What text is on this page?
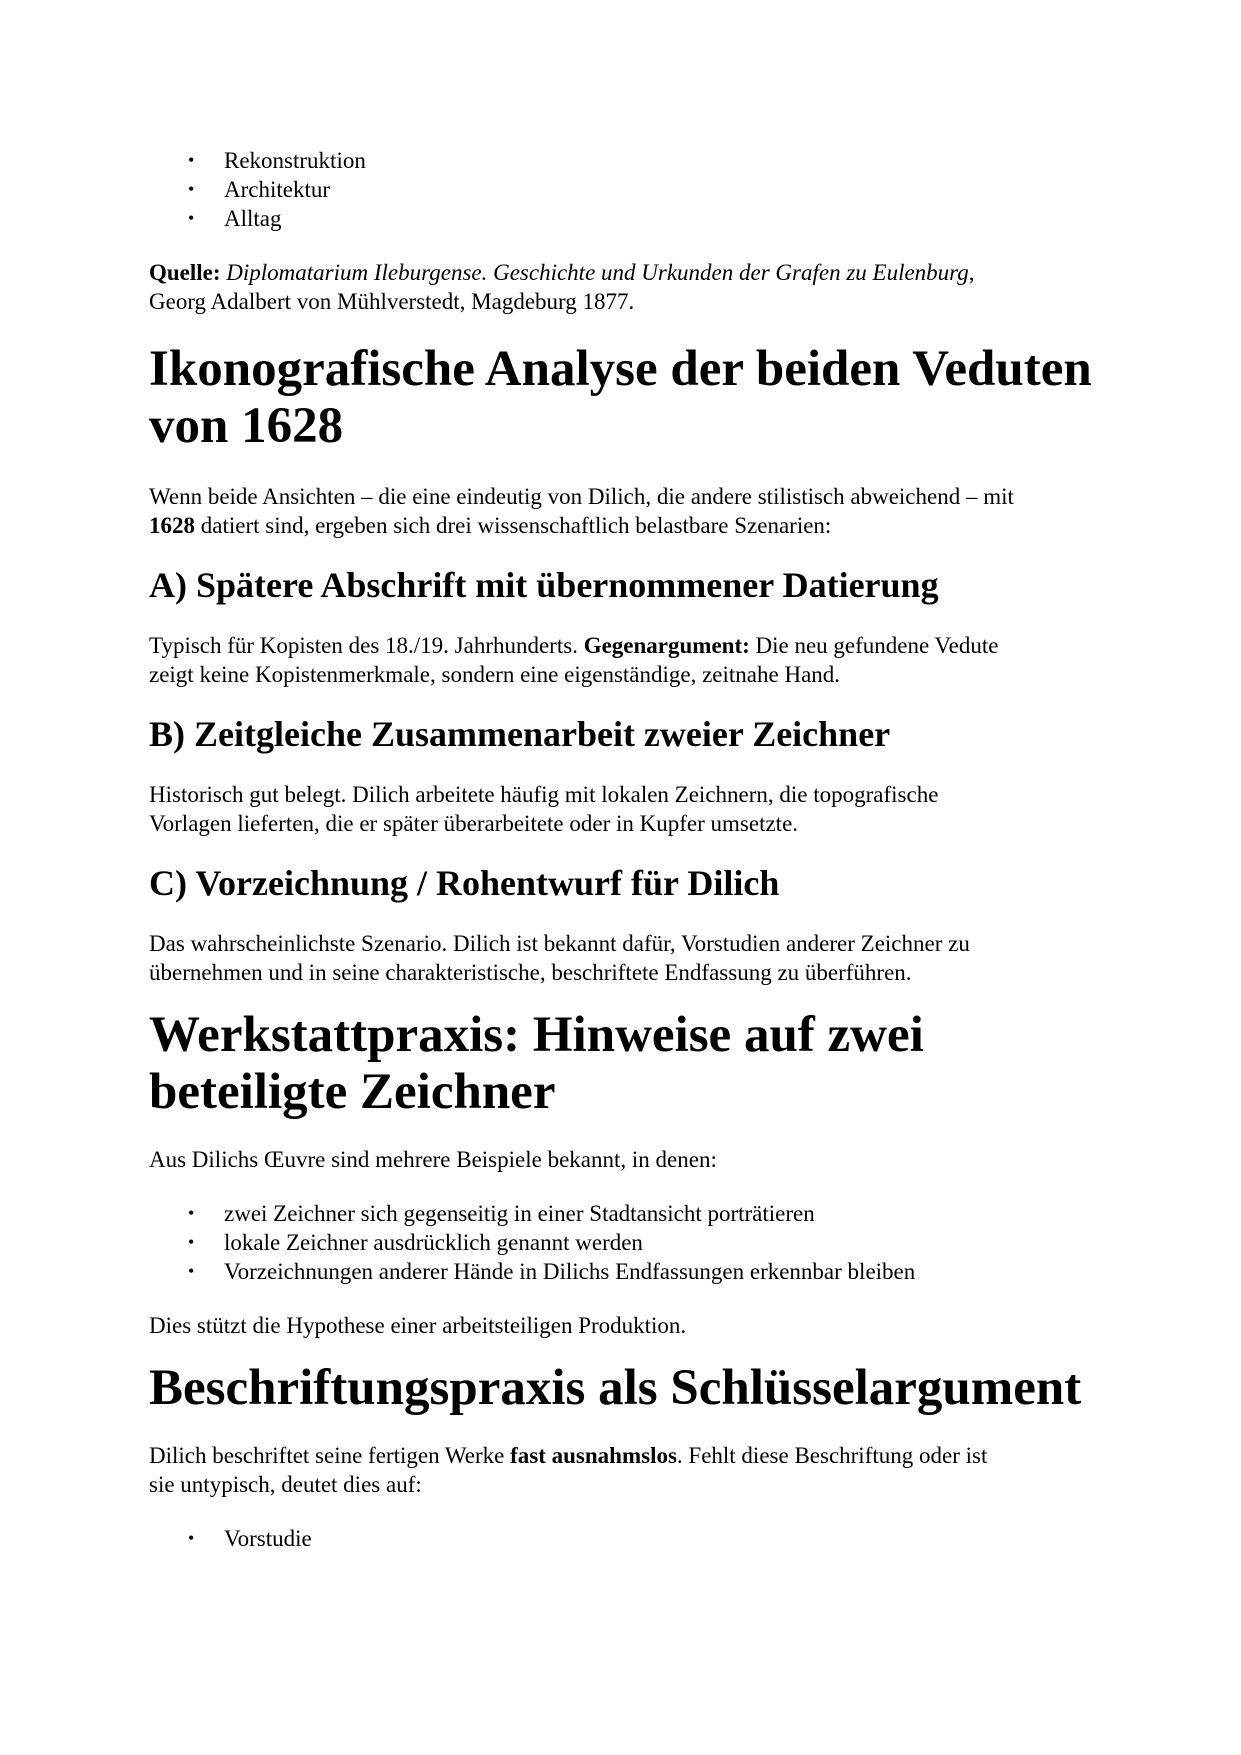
• Rekonstruktion
• Architektur
• Alltag

Quelle: Diplomatarium Ileburgense. Geschichte und Urkunden der Grafen zu Eulenburg,
Georg Adalbert von Mühlverstedt, Magdeburg 1877.

Ikonografische Analyse der beiden Veduten
von 1628

Wenn beide Ansichten – die eine eindeutig von Dilich, die andere stilistisch abweichend – mit
1628 datiert sind, ergeben sich drei wissenschaftlich belastbare Szenarien:

A) Spätere Abschrift mit übernommener Datierung

Typisch für Kopisten des 18./19. Jahrhunderts. Gegenargument: Die neu gefundene Vedute
zeigt keine Kopistenmerkmale, sondern eine eigenständige, zeitnahe Hand.

B) Zeitgleiche Zusammenarbeit zweier Zeichner

Historisch gut belegt. Dilich arbeitete häufig mit lokalen Zeichnern, die topografische
Vorlagen lieferten, die er später überarbeitete oder in Kupfer umsetzte.

C) Vorzeichnung / Rohentwurf für Dilich

Das wahrscheinlichste Szenario. Dilich ist bekannt dafür, Vorstudien anderer Zeichner zu
übernehmen und in seine charakteristische, beschriftete Endfassung zu überführen.

Werkstattpraxis: Hinweise auf zwei
beteiligte Zeichner

Aus Dilichs Œuvre sind mehrere Beispiele bekannt, in denen:

• zwei Zeichner sich gegenseitig in einer Stadtansicht porträtieren
• lokale Zeichner ausdrücklich genannt werden
• Vorzeichnungen anderer Hände in Dilichs Endfassungen erkennbar bleiben

Dies stützt die Hypothese einer arbeitsteiligen Produktion.

Beschriftungspraxis als Schlüsselargument

Dilich beschriftet seine fertigen Werke fast ausnahmslos. Fehlt diese Beschriftung oder ist
sie untypisch, deutet dies auf:

• Vorstudie
